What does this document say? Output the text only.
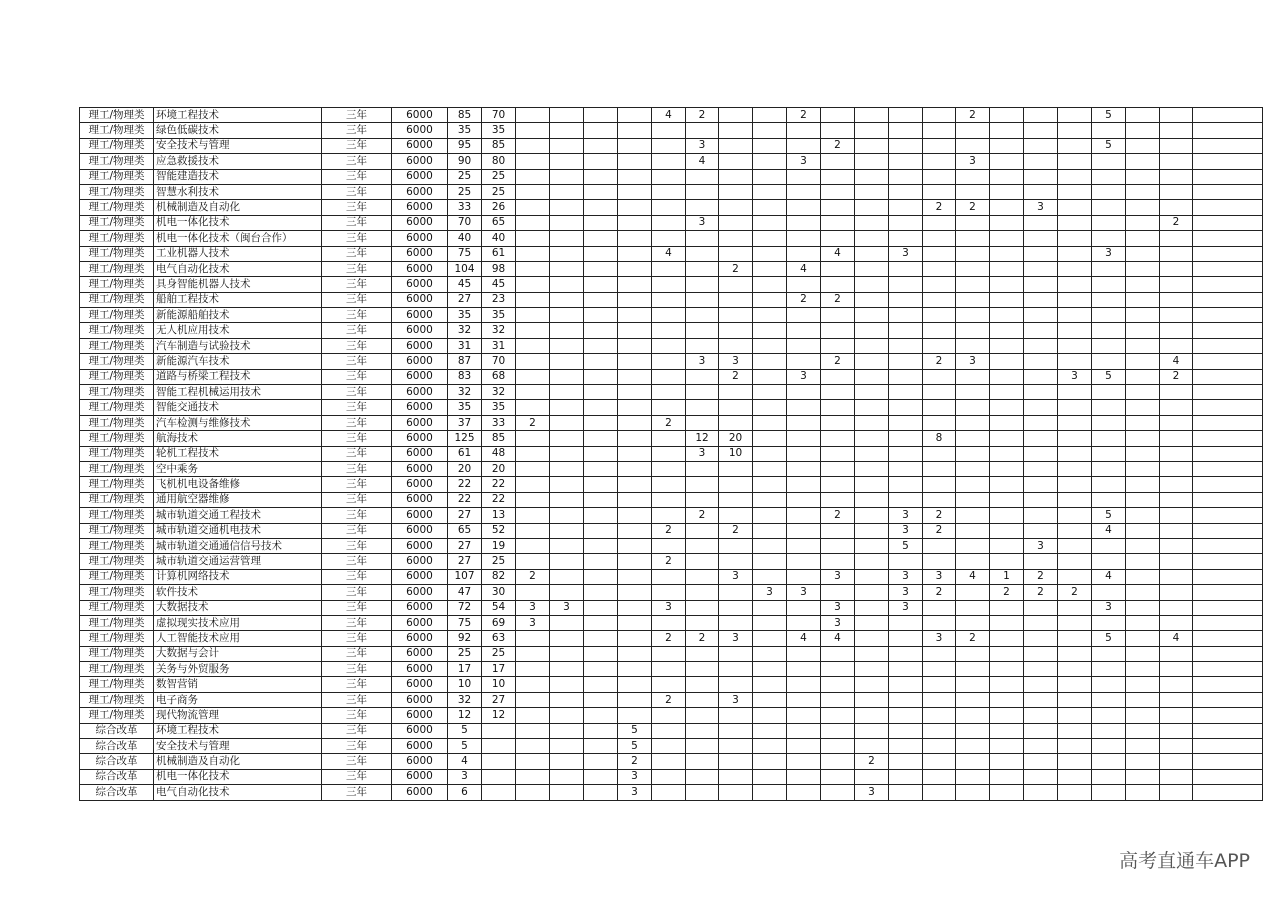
理工/物理类	环境工程技术	三年	6000	85	70					4	2			2					2				5			
理工/物理类	绿色低碳技术	三年	6000	35	35																					
理工/物理类	安全技术与管理	三年	6000	95	85						3				2								5			
理工/物理类	应急救援技术	三年	6000	90	80						4			3					3							
理工/物理类	智能建造技术	三年	6000	25	25																					
理工/物理类	智慧水利技术	三年	6000	25	25																					
理工/物理类	机械制造及自动化	三年	6000	33	26													2	2		3					
理工/物理类	机电一体化技术	三年	6000	70	65						3														2	
理工/物理类	机电一体化技术（闽台合作）	三年	6000	40	40																					
理工/物理类	工业机器人技术	三年	6000	75	61					4					4		3						3			
理工/物理类	电气自动化技术	三年	6000	104	98							2		4												
理工/物理类	具身智能机器人技术	三年	6000	45	45																					
理工/物理类	船舶工程技术	三年	6000	27	23									2	2											
理工/物理类	新能源船舶技术	三年	6000	35	35																					
理工/物理类	无人机应用技术	三年	6000	32	32																					
理工/物理类	汽车制造与试验技术	三年	6000	31	31																					
理工/物理类	新能源汽车技术	三年	6000	87	70						3	3			2			2	3						4	
理工/物理类	道路与桥梁工程技术	三年	6000	83	68							2		3								3	5		2	
理工/物理类	智能工程机械运用技术	三年	6000	32	32																					
理工/物理类	智能交通技术	三年	6000	35	35																					
理工/物理类	汽车检测与维修技术	三年	6000	37	33	2				2																
理工/物理类	航海技术	三年	6000	125	85						12	20						8								
理工/物理类	轮机工程技术	三年	6000	61	48						3	10														
理工/物理类	空中乘务	三年	6000	20	20																					
理工/物理类	飞机机电设备维修	三年	6000	22	22																					
理工/物理类	通用航空器维修	三年	6000	22	22																					
理工/物理类	城市轨道交通工程技术	三年	6000	27	13						2				2		3	2					5			
理工/物理类	城市轨道交通机电技术	三年	6000	65	52					2		2					3	2					4			
理工/物理类	城市轨道交通通信信号技术	三年	6000	27	19												5				3					
理工/物理类	城市轨道交通运营管理	三年	6000	27	25					2																
理工/物理类	计算机网络技术	三年	6000	107	82	2						3			3		3	3	4	1	2		4			
理工/物理类	软件技术	三年	6000	47	30								3	3			3	2		2	2	2				
理工/物理类	大数据技术	三年	6000	72	54	3	3			3					3		3						3			
理工/物理类	虚拟现实技术应用	三年	6000	75	69	3									3											
理工/物理类	人工智能技术应用	三年	6000	92	63					2	2	3		4	4			3	2				5		4	
理工/物理类	大数据与会计	三年	6000	25	25																					
理工/物理类	关务与外贸服务	三年	6000	17	17																					
理工/物理类	数智营销	三年	6000	10	10																					
理工/物理类	电子商务	三年	6000	32	27					2		3														
理工/物理类	现代物流管理	三年	6000	12	12																					
综合改革	环境工程技术	三年	6000	5					5																	
综合改革	安全技术与管理	三年	6000	5					5																	
综合改革	机械制造及自动化	三年	6000	4					2							2										
综合改革	机电一体化技术	三年	6000	3					3																	
综合改革	电气自动化技术	三年	6000	6					3							3										
高考直通车APP
